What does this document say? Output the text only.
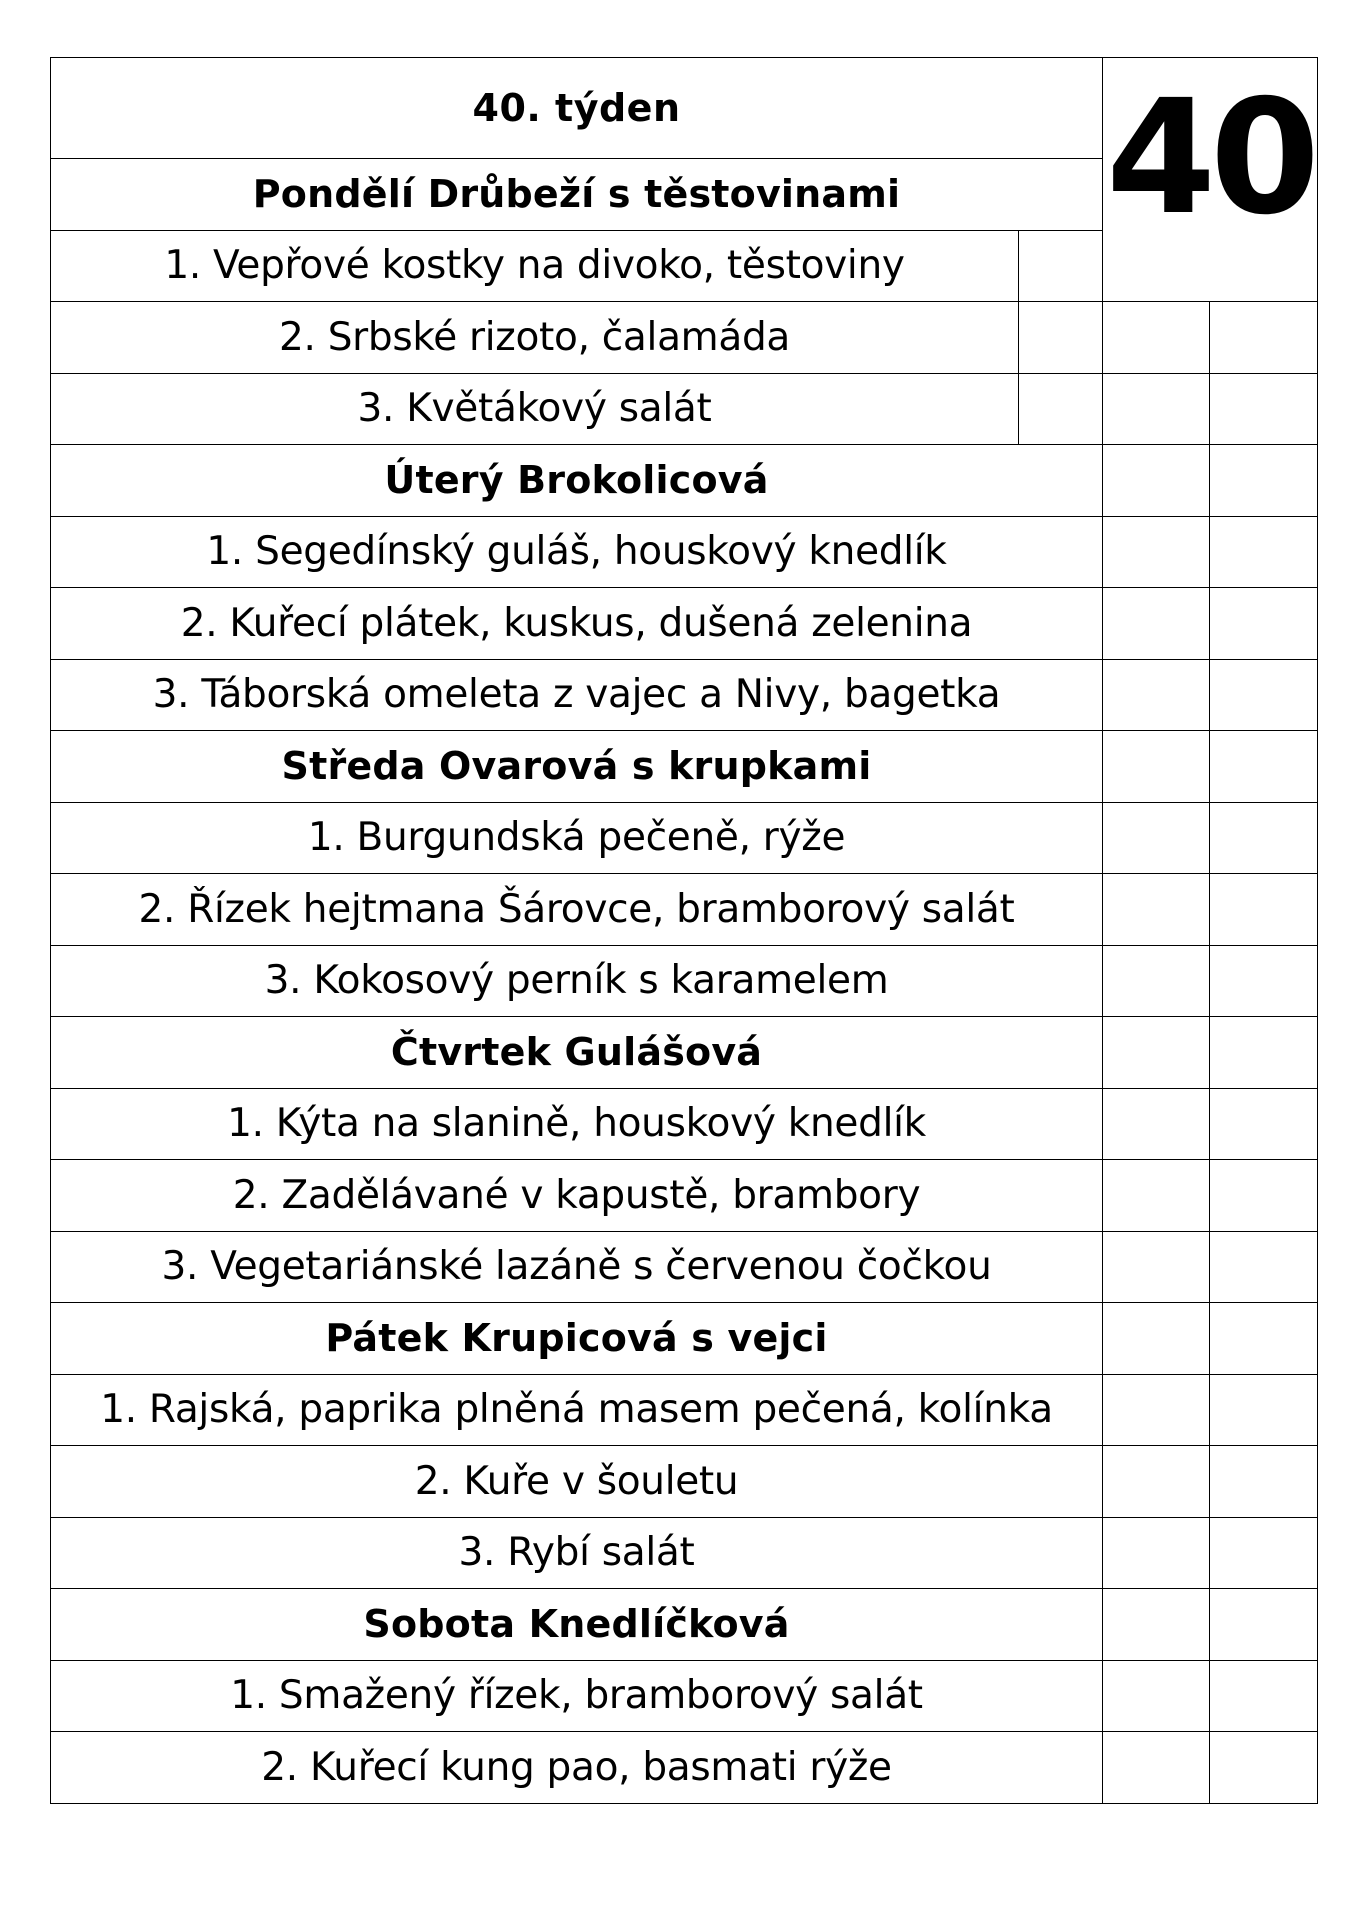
40. týden		40	
Pondělí Drůbeží s těstovinami			
1. Vepřové kostky na divoko, těstoviny			
2. Srbské rizoto, čalamáda			
3. Květákový salát			
Úterý Brokolicová			
1. Segedínský guláš, houskový knedlík			
2. Kuřecí plátek, kuskus, dušená zelenina			
3. Táborská omeleta z vajec a Nivy, bagetka			
Středa Ovarová s krupkami			
1. Burgundská pečeně, rýže			
2. Řízek hejtmana Šárovce, bramborový salát			
3. Kokosový perník s karamelem			
Čtvrtek Gulášová			
1. Kýta na slanině, houskový knedlík			
2. Zadělávané v kapustě, brambory			
3. Vegetariánské lazáně s červenou čočkou			
Pátek Krupicová s vejci			
1. Rajská, paprika plněná masem pečená, kolínka			
2. Kuře v šouletu			
3. Rybí salát			
Sobota Knedlíčková			
1. Smažený řízek, bramborový salát			
2. Kuřecí kung pao, basmati rýže			
